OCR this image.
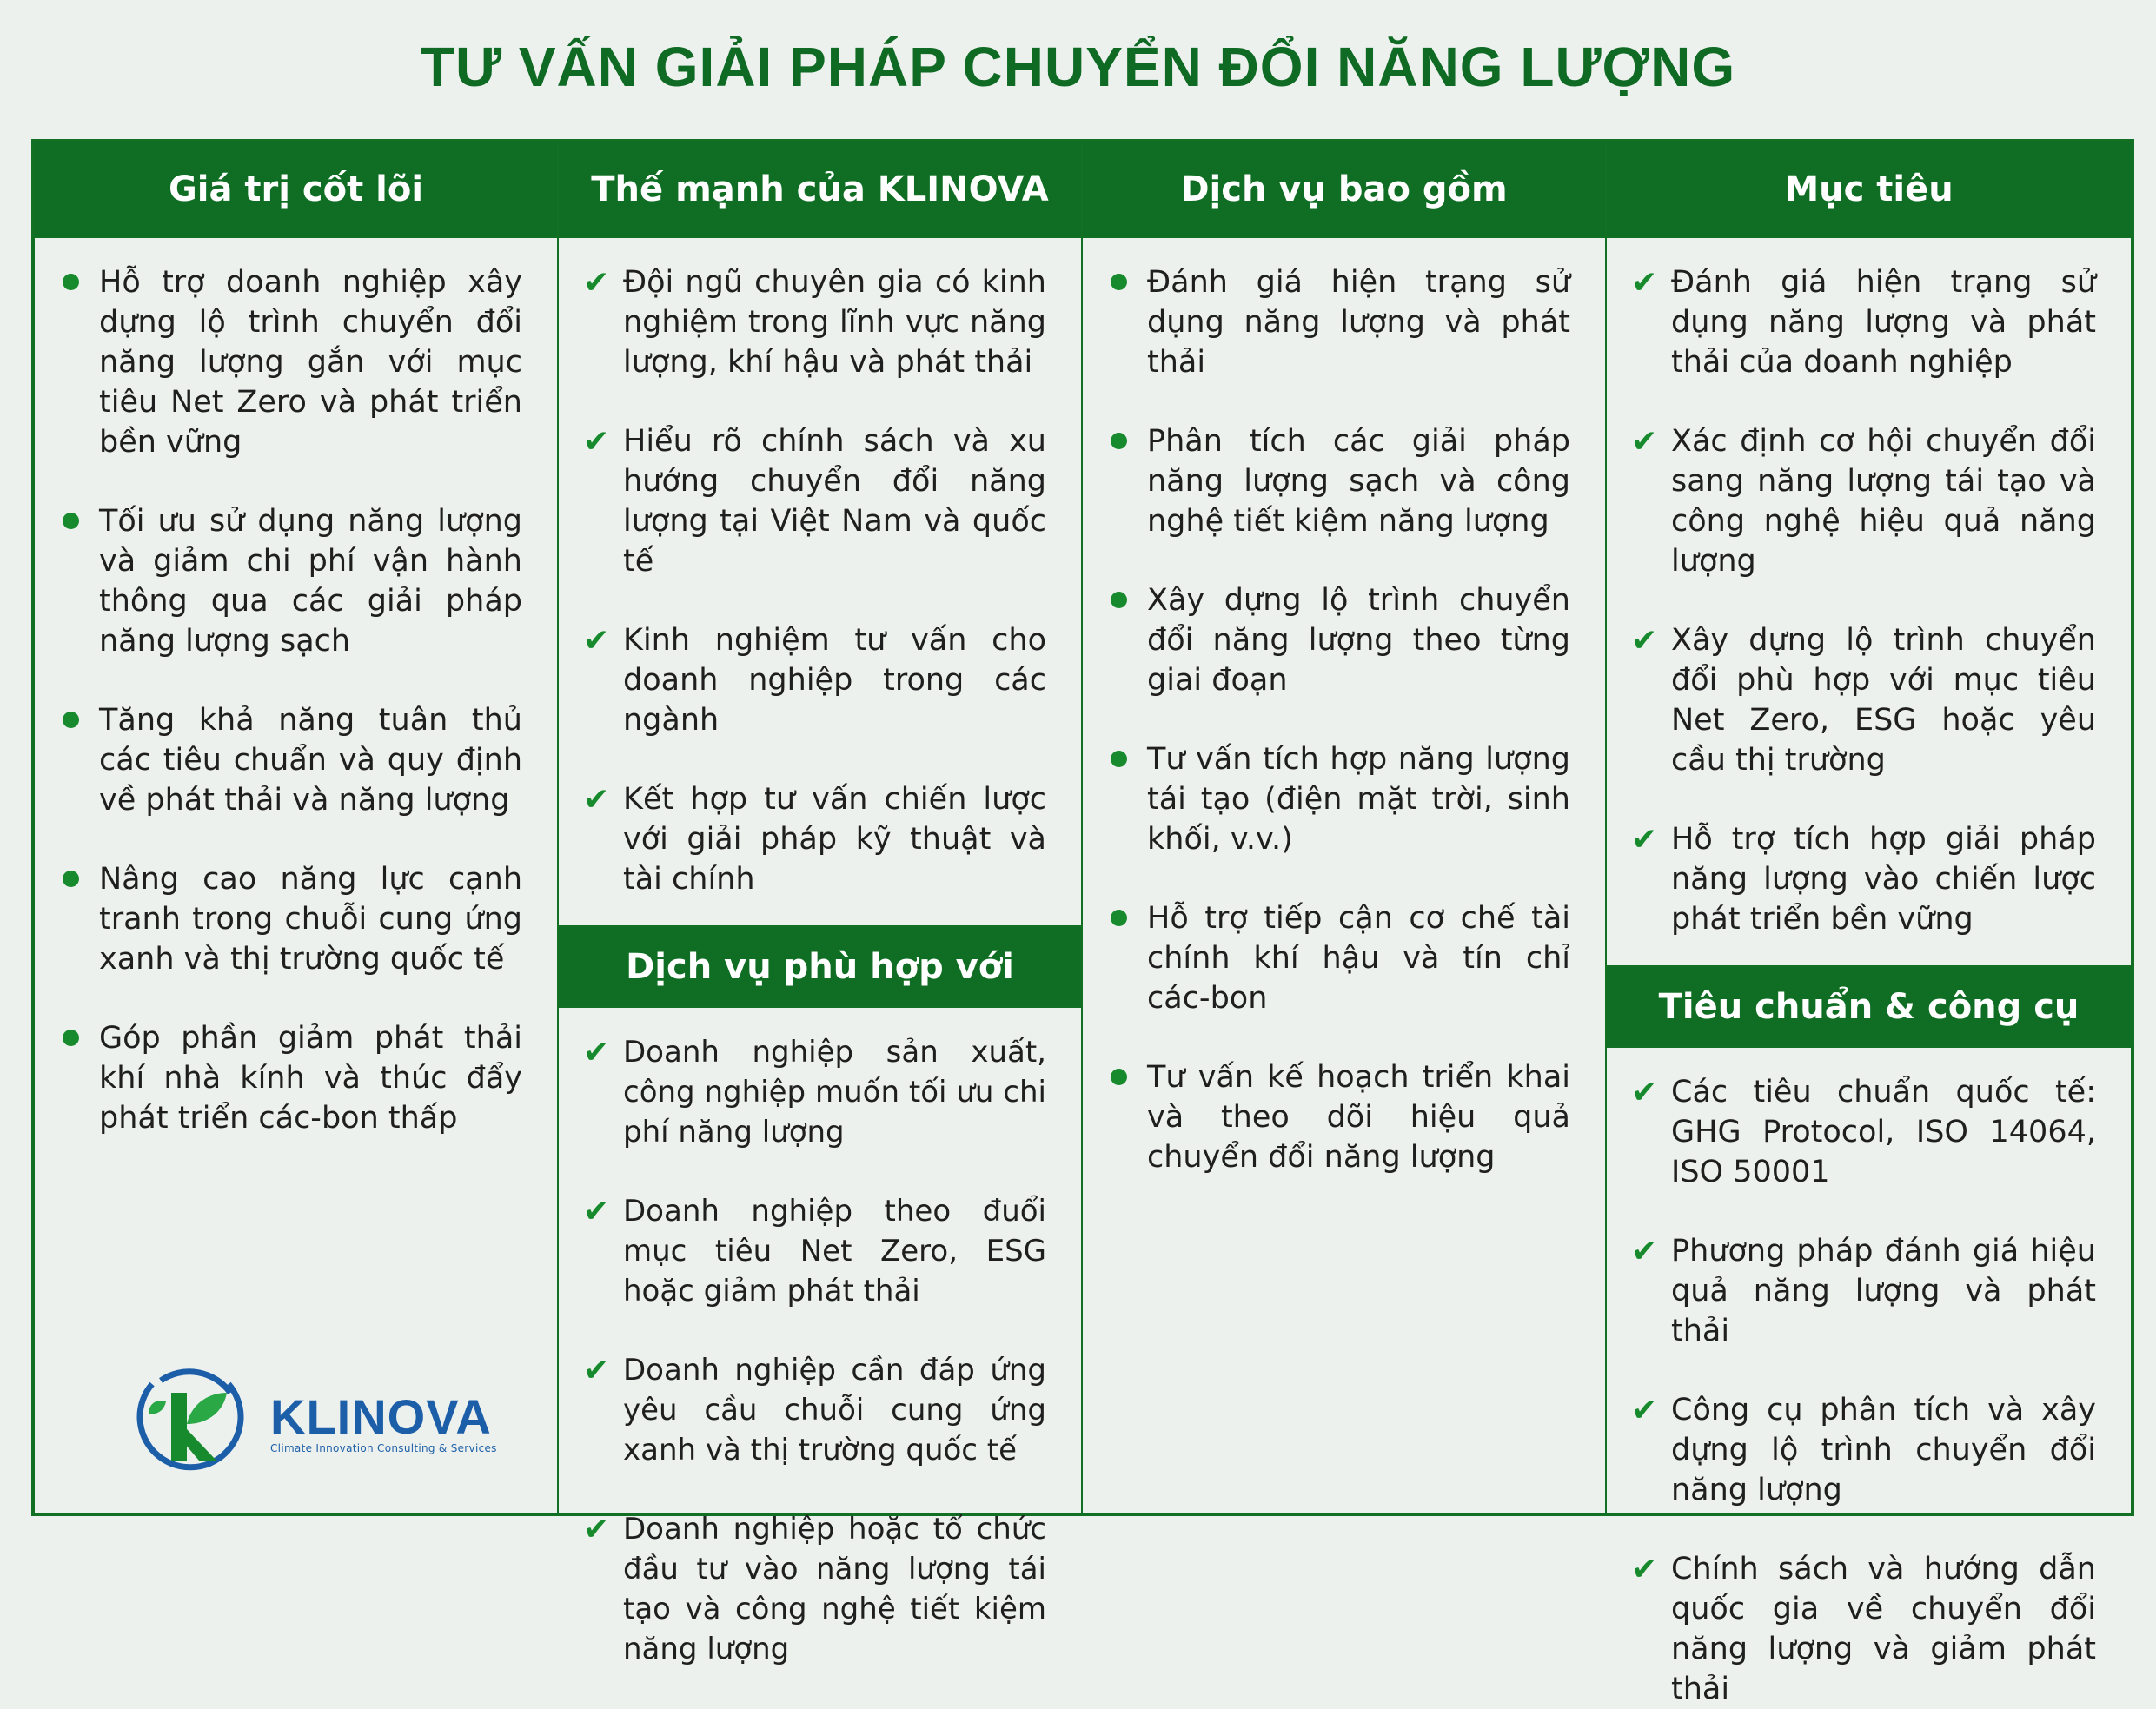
TƯ VẤN GIẢI PHÁP CHUYỂN ĐỔI NĂNG LƯỢNG
Giá trị cốt lõi
Hỗ trợ doanh nghiệp xây dựng lộ trình chuyển đổi năng lượng gắn với mục tiêu Net Zero và phát triển bền vững
Tối ưu sử dụng năng lượng và giảm chi phí vận hành thông qua các giải pháp năng lượng sạch
Tăng khả năng tuân thủ các tiêu chuẩn và quy định về phát thải và năng lượng
Nâng cao năng lực cạnh tranh trong chuỗi cung ứng xanh và thị trường quốc tế
Góp phần giảm phát thải khí nhà kính và thúc đẩy phát triển các-bon thấp
KLINOVA
Climate Innovation Consulting & Services
Thế mạnh của KLINOVA
✔ Đội ngũ chuyên gia có kinh nghiệm trong lĩnh vực năng lượng, khí hậu và phát thải
✔ Hiểu rõ chính sách và xu hướng chuyển đổi năng lượng tại Việt Nam và quốc tế
✔ Kinh nghiệm tư vấn cho doanh nghiệp trong các ngành
✔ Kết hợp tư vấn chiến lược với giải pháp kỹ thuật và tài chính
Dịch vụ phù hợp với
✔ Doanh nghiệp sản xuất, công nghiệp muốn tối ưu chi phí năng lượng
✔ Doanh nghiệp theo đuổi mục tiêu Net Zero, ESG hoặc giảm phát thải
✔ Doanh nghiệp cần đáp ứng yêu cầu chuỗi cung ứng xanh và thị trường quốc tế
✔ Doanh nghiệp hoặc tổ chức đầu tư vào năng lượng tái tạo và công nghệ tiết kiệm năng lượng
Dịch vụ bao gồm
Đánh giá hiện trạng sử dụng năng lượng và phát thải
Phân tích các giải pháp năng lượng sạch và công nghệ tiết kiệm năng lượng
Xây dựng lộ trình chuyển đổi năng lượng theo từng giai đoạn
Tư vấn tích hợp năng lượng tái tạo (điện mặt trời, sinh khối, v.v.)
Hỗ trợ tiếp cận cơ chế tài chính khí hậu và tín chỉ các-bon
Tư vấn kế hoạch triển khai và theo dõi hiệu quả chuyển đổi năng lượng
Mục tiêu
✔ Đánh giá hiện trạng sử dụng năng lượng và phát thải của doanh nghiệp
✔ Xác định cơ hội chuyển đổi sang năng lượng tái tạo và công nghệ hiệu quả năng lượng
✔ Xây dựng lộ trình chuyển đổi phù hợp với mục tiêu Net Zero, ESG hoặc yêu cầu thị trường
✔ Hỗ trợ tích hợp giải pháp năng lượng vào chiến lược phát triển bền vững
Tiêu chuẩn & công cụ
✔ Các tiêu chuẩn quốc tế: GHG Protocol, ISO 14064, ISO 50001
✔ Phương pháp đánh giá hiệu quả năng lượng và phát thải
✔ Công cụ phân tích và xây dựng lộ trình chuyển đổi năng lượng
✔ Chính sách và hướng dẫn quốc gia về chuyển đổi năng lượng và giảm phát thải
